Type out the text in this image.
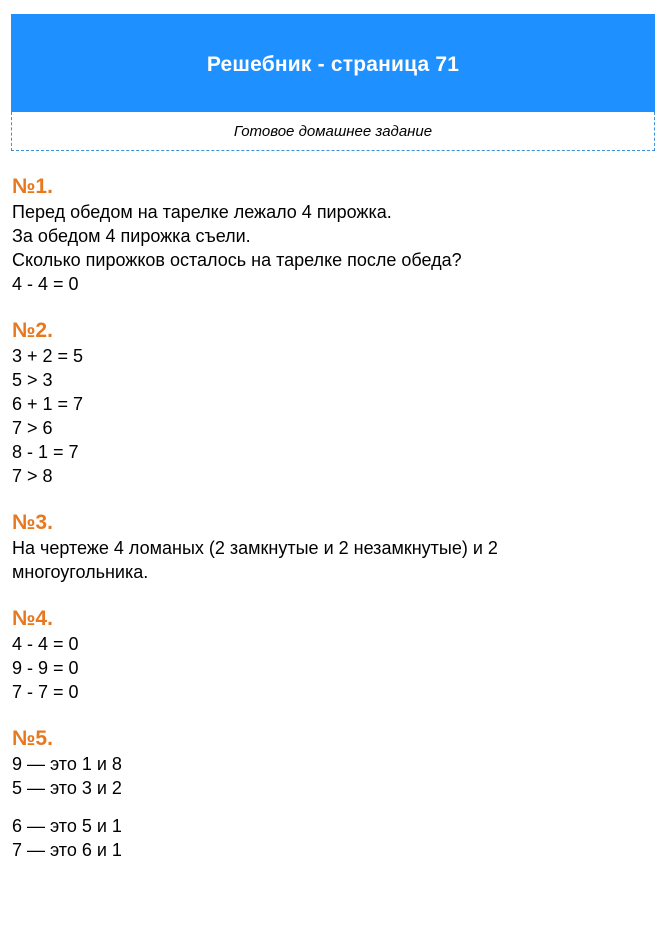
Решебник - страница 71
Готовое домашнее задание
№1.
Перед обедом на тарелке лежало 4 пирожка.
За обедом 4 пирожка съели.
Сколько пирожков осталось на тарелке после обеда?
4 - 4 = 0
№2.
3 + 2 = 5
5 > 3
6 + 1 = 7
7 > 6
8 - 1 = 7
7 > 8
№3.
На чертеже 4 ломаных (2 замкнутые и 2 незамкнутые) и 2 многоугольника.
№4.
4 - 4 = 0
9 - 9 = 0
7 - 7 = 0
№5.
9 — это 1 и 8
5 — это 3 и 2
6 — это 5 и 1
7 — это 6 и 1
